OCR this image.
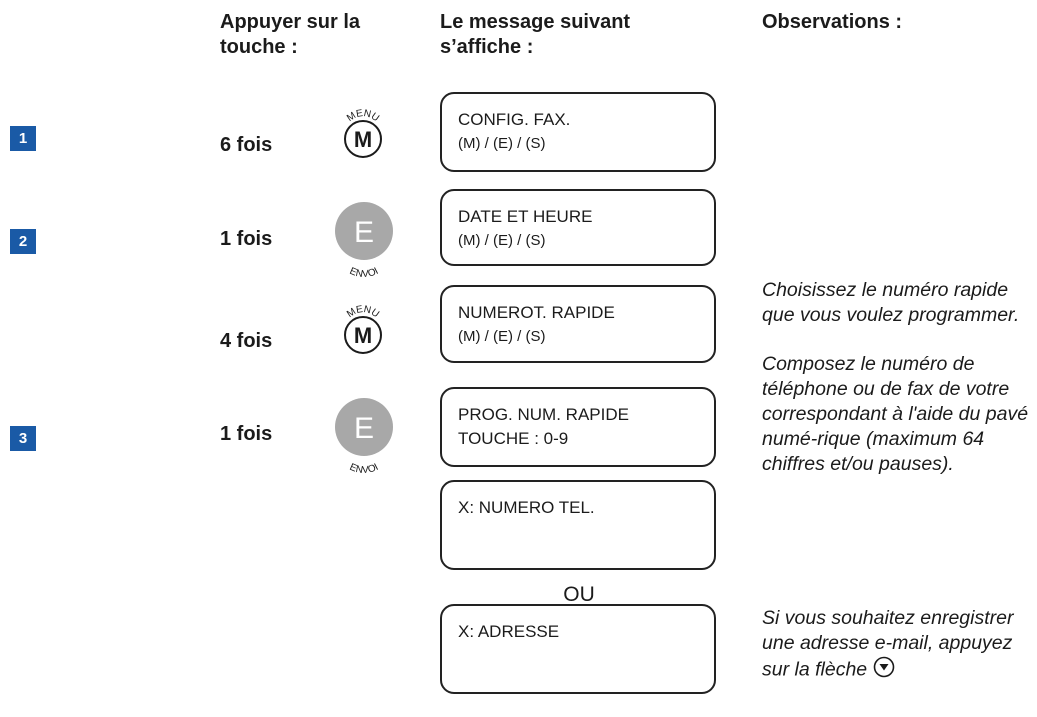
Appuyer sur la
touche :
Le message suivant
s’affiche :
Observations :
1
2
3
6 fois
1 fois
4 fois
1 fois
MENU
M
MENU
M
E
ENVOI
E
ENVOI
CONFIG. FAX.
(M) / (E) / (S)
DATE ET HEURE
(M) / (E) / (S)
NUMEROT. RAPIDE
(M) / (E) / (S)
PROG. NUM. RAPIDE
TOUCHE : 0-9
X: NUMERO TEL.
OU
X: ADRESSE
Choisissez le numéro rapide que vous voulez programmer.
Composez le numéro de téléphone ou de fax de votre correspondant à l'aide du pavé numé-rique (maximum 64 chiffres et/ou pauses).
Si vous souhaitez enregistrer une adresse e-mail, appuyez sur la flèche
